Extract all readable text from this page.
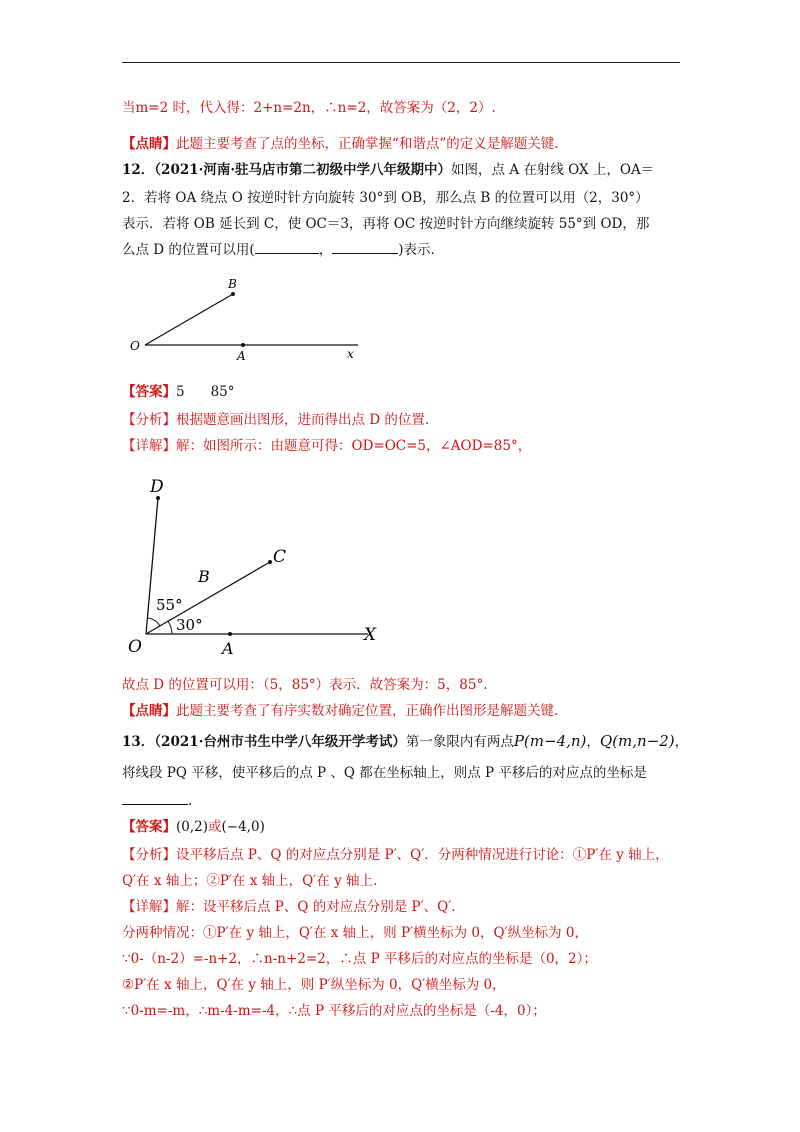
当m=2 时，代入得：2+n=2n，∴n=2，故答案为（2，2）.
【点睛】此题主要考查了点的坐标，正确掌握“和谐点”的定义是解题关键.
12．（2021·河南·驻马店市第二初级中学八年级期中）如图，点 A 在射线 OX 上，OA＝
2．若将 OA 绕点 O 按逆时针方向旋转 30°到 OB，那么点 B 的位置可以用（2，30°）
表示．若将 OB 延长到 C，使 OC＝3，再将 OC 按逆时针方向继续旋转 55°到 OD，那
么点 D 的位置可以用(	，	)表示．
B
O
A	x
【答案】5 85°
【分析】根据题意画出图形，进而得出点 D 的位置.
【详解】解：如图所示：由题意可得：OD=OC=5，∠AOD=85°，
D
C
B
O	A
X
55°
30°
故点 D 的位置可以用：（5，85°）表示．故答案为：5，85°.
【点睛】此题主要考查了有序实数对确定位置，正确作出图形是解题关键.
13．（2021·台州市书生中学八年级开学考试）第一象限内有两点P(m−4,n)，Q(m,n−2)，
将线段 PQ 平移，使平移后的点 P 、Q 都在坐标轴上，则点 P 平移后的对应点的坐标是
.
【答案】(0,2)或(−4,0)
【分析】设平移后点 P、Q 的对应点分别是 P′、Q′．分两种情况进行讨论：①P′在 y 轴上，
Q′在 x 轴上；②P′在 x 轴上，Q′在 y 轴上.
【详解】解：设平移后点 P、Q 的对应点分别是 P′、Q′.
分两种情况：①P′在 y 轴上，Q′在 x 轴上，则 P′横坐标为 0，Q′纵坐标为 0，
∵0-（n-2）=-n+2，∴n-n+2=2，∴点 P 平移后的对应点的坐标是（0，2）；
②P′在 x 轴上，Q′在 y 轴上，则 P′纵坐标为 0，Q′横坐标为 0，
∵0-m=-m，∴m-4-m=-4，∴点 P 平移后的对应点的坐标是（-4，0）；
